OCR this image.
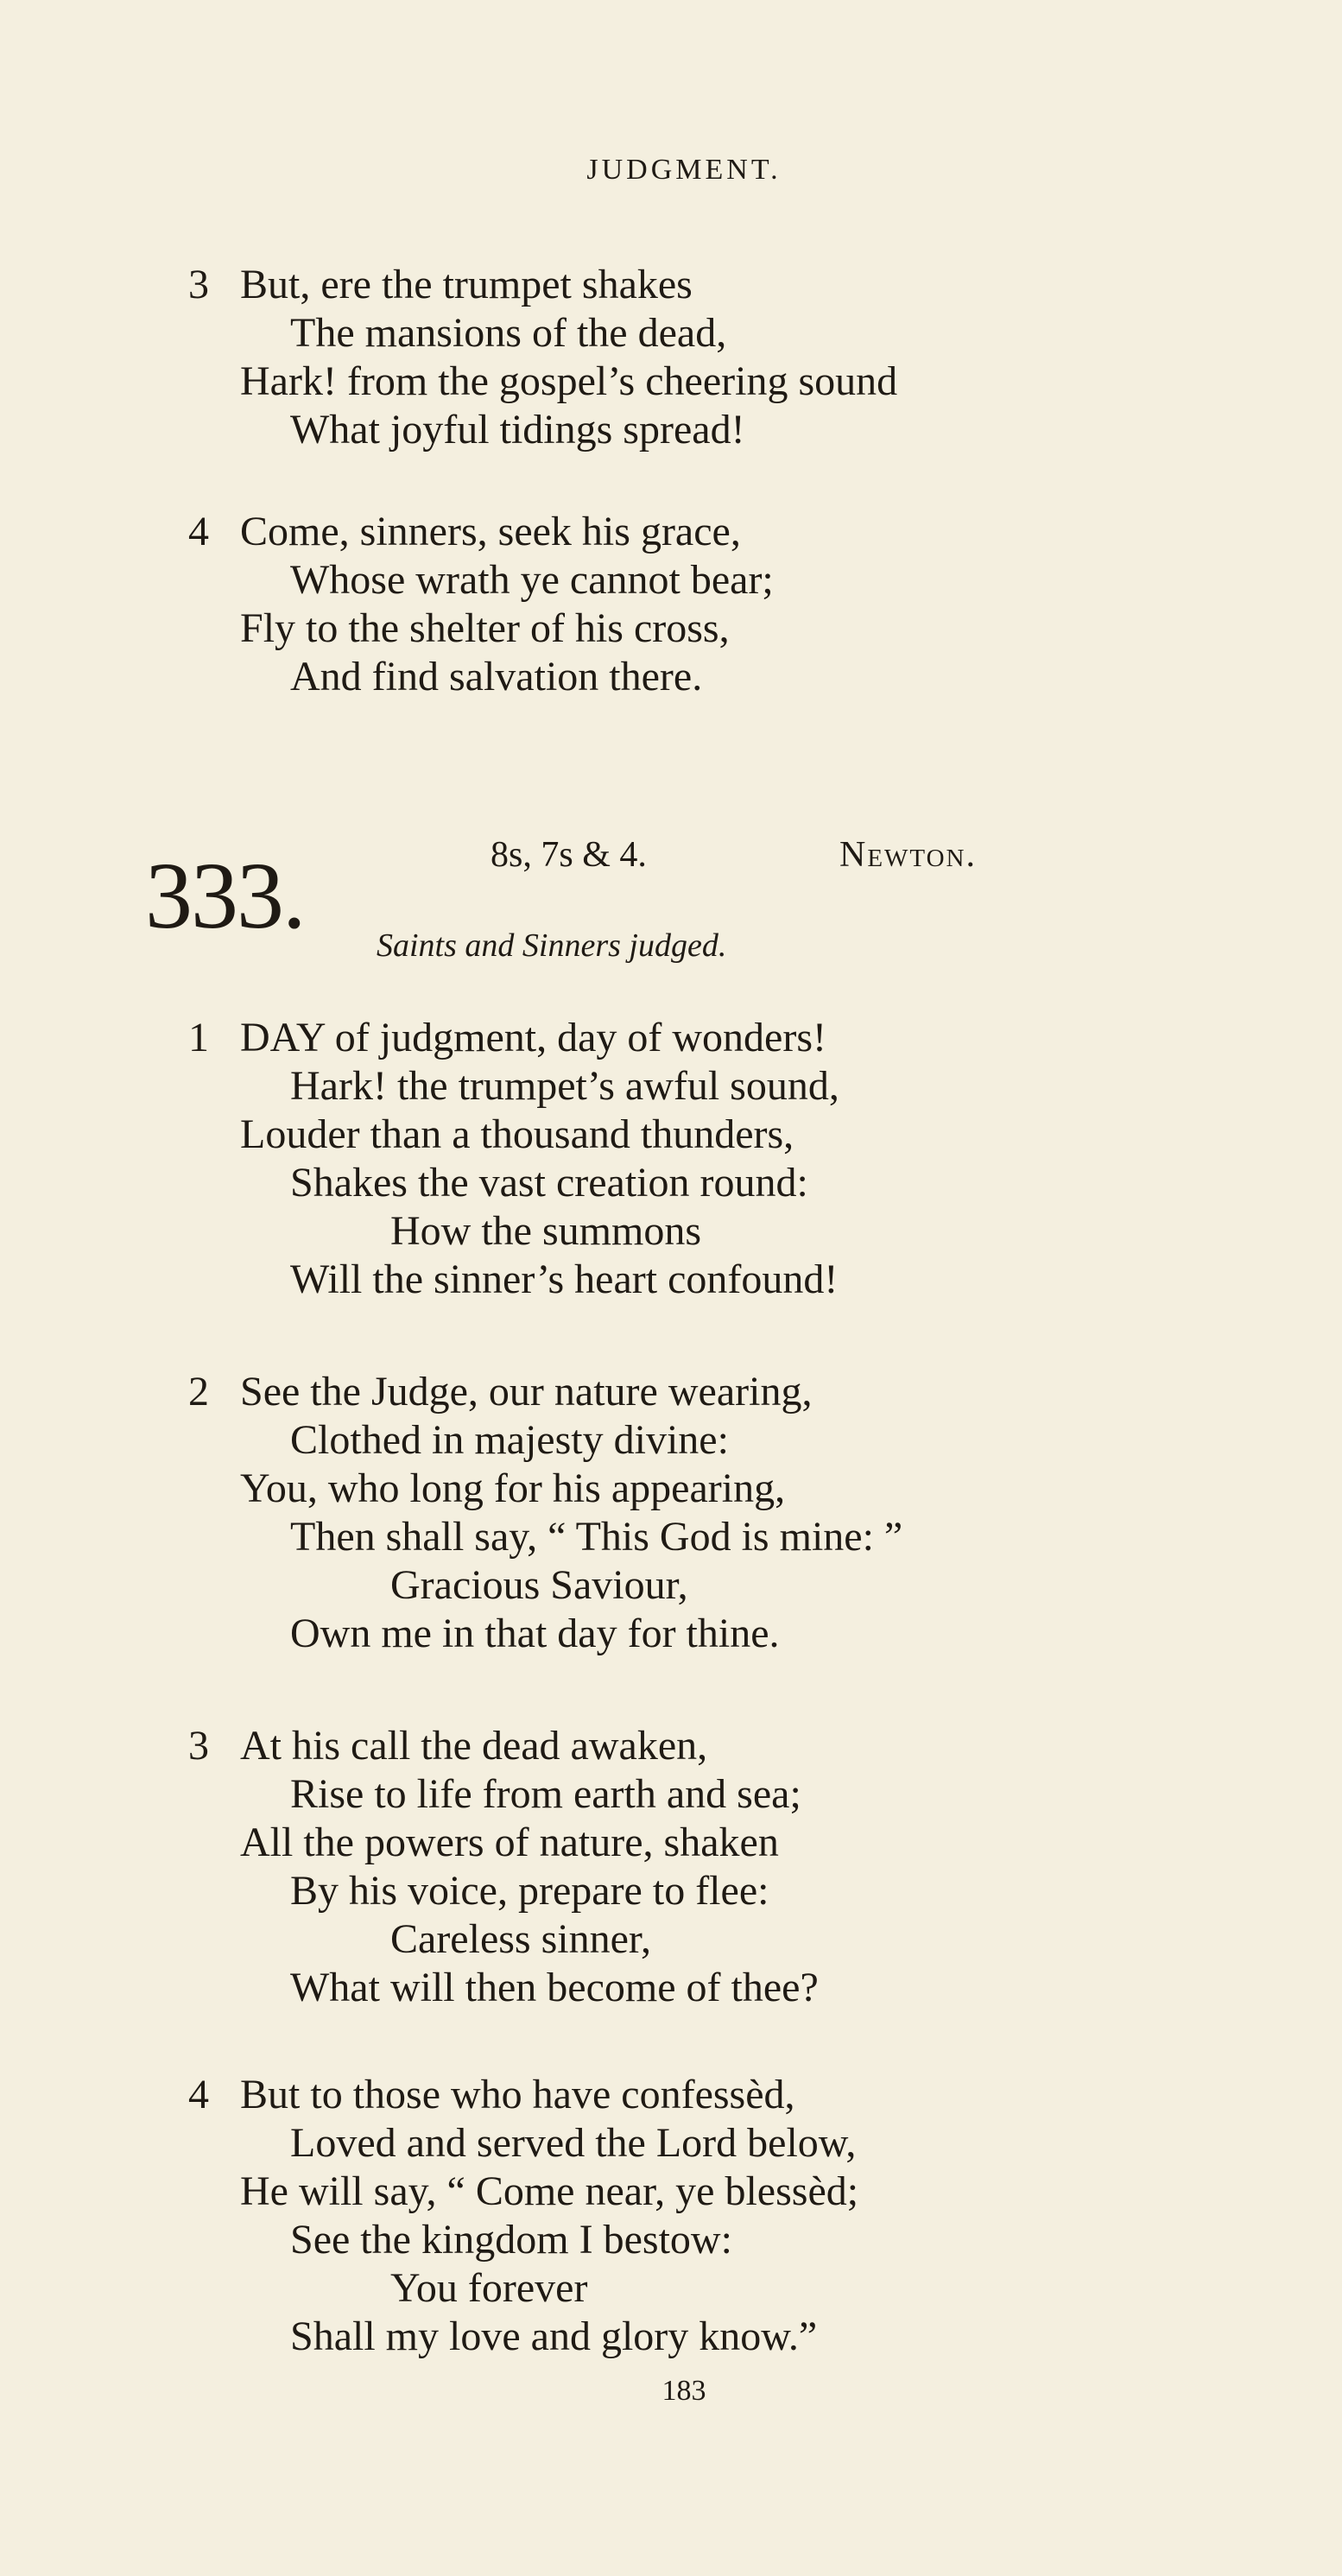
JUDGMENT.
3 But, ere the trumpet shakes
The mansions of the dead,
Hark! from the gospel’s cheering sound
What joyful tidings spread!
4 Come, sinners, seek his grace,
Whose wrath ye cannot bear;
Fly to the shelter of his cross,
And find salvation there.
333.	8s, 7s & 4.	Newton.
Saints and Sinners judged.
1 DAY of judgment, day of wonders!
Hark! the trumpet’s awful sound,
Louder than a thousand thunders,
Shakes the vast creation round:
How the summons
Will the sinner’s heart confound!
2 See the Judge, our nature wearing,
Clothed in majesty divine:
You, who long for his appearing,
Then shall say, “ This God is mine: ”
Gracious Saviour,
Own me in that day for thine.
3 At his call the dead awaken,
Rise to life from earth and sea;
All the powers of nature, shaken
By his voice, prepare to flee:
Careless sinner,
What will then become of thee?
4 But to those who have confessèd,
Loved and served the Lord below,
He will say, “ Come near, ye blessèd;
See the kingdom I bestow:
You forever
Shall my love and glory know.”
183
